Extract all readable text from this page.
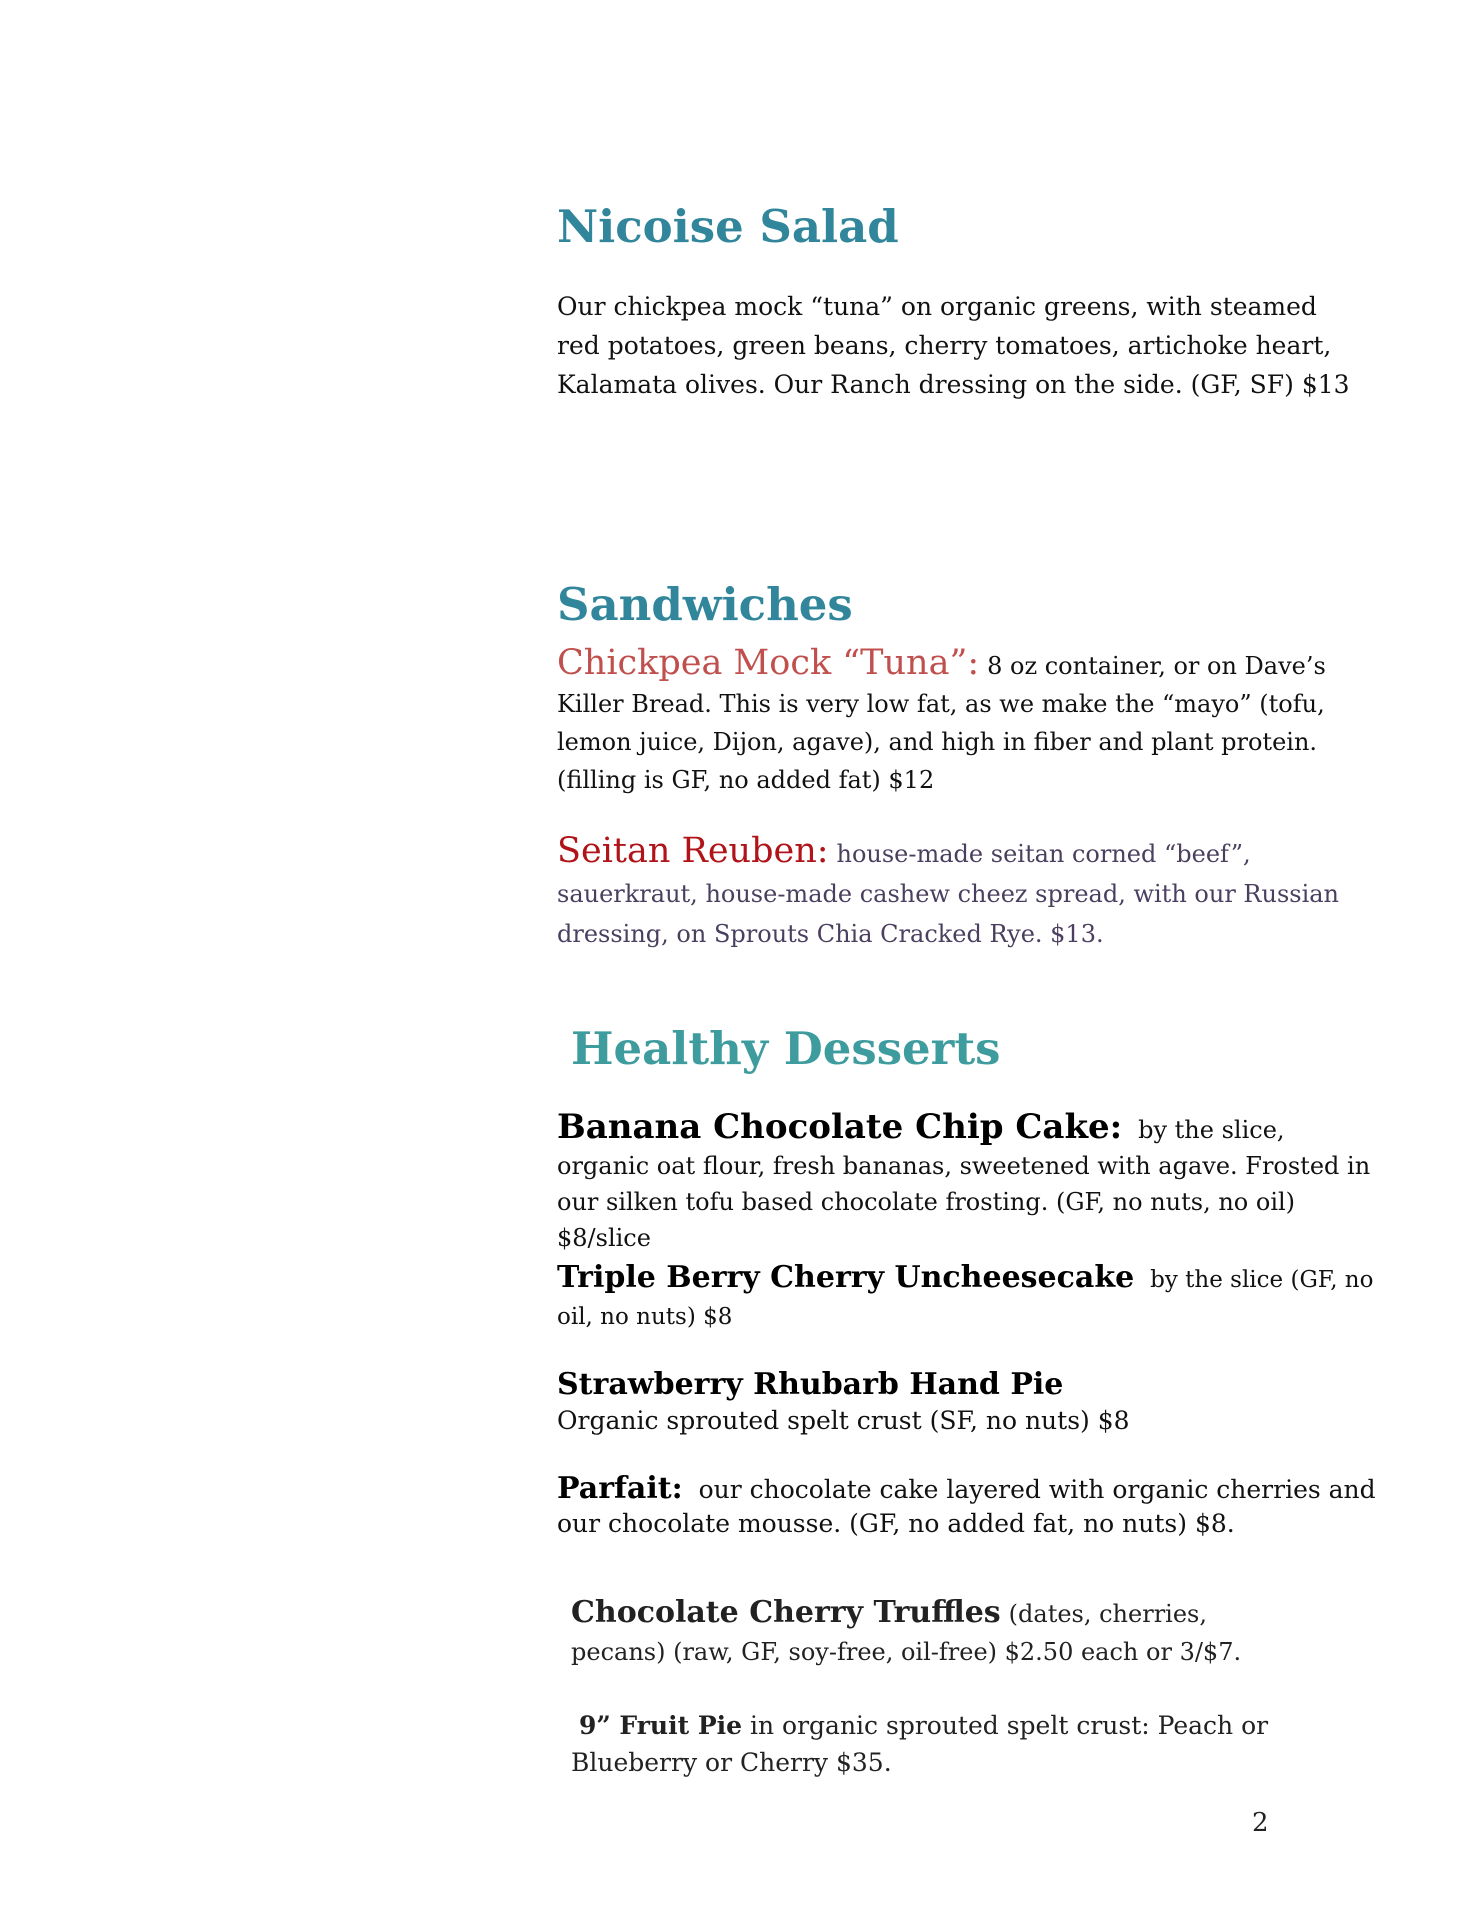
Nicoise Salad

Our chickpea mock “tuna” on organic greens, with steamed red potatoes, green beans, cherry tomatoes, artichoke heart, Kalamata olives. Our Ranch dressing on the side. (GF, SF) $13

Sandwiches

Chickpea Mock “Tuna”: 8 oz container, or on Dave’s Killer Bread. This is very low fat, as we make the “mayo” (tofu, lemon juice, Dijon, agave), and high in fiber and plant protein. (filling is GF, no added fat) $12

Seitan Reuben: house-made seitan corned “beef”, sauerkraut, house-made cashew cheez spread, with our Russian dressing, on Sprouts Chia Cracked Rye. $13.

Healthy Desserts

Banana Chocolate Chip Cake: by the slice, organic oat flour, fresh bananas, sweetened with agave. Frosted in our silken tofu based chocolate frosting. (GF, no nuts, no oil) $8/slice

Triple Berry Cherry Uncheesecake by the slice (GF, no oil, no nuts) $8

Strawberry Rhubarb Hand Pie
Organic sprouted spelt crust (SF, no nuts) $8

Parfait: our chocolate cake layered with organic cherries and our chocolate mousse. (GF, no added fat, no nuts) $8.

Chocolate Cherry Truffles (dates, cherries, pecans) (raw, GF, soy-free, oil-free) $2.50 each or 3/$7.

9” Fruit Pie in organic sprouted spelt crust: Peach or Blueberry or Cherry $35.

2
